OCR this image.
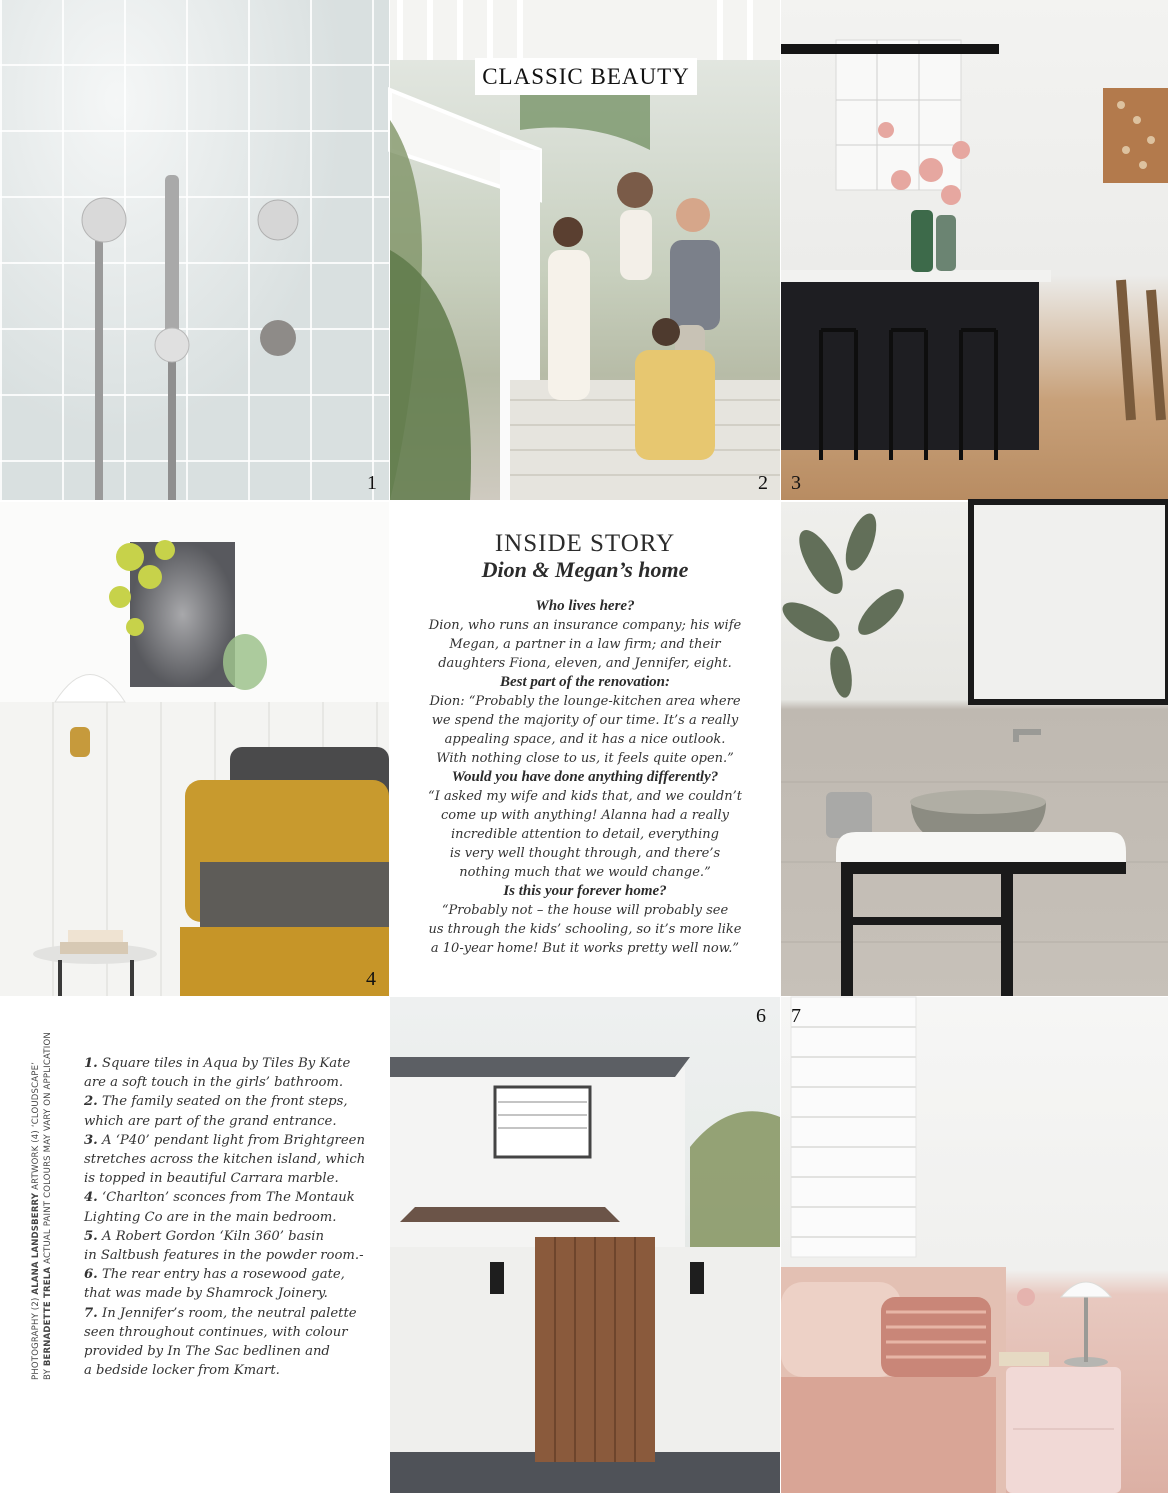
1	2 3
4
6 7
CLASSIC BEAUTY

INSIDE STORY

Dion & Megan’s home

Who lives here?

Dion, who runs an insurance company; his wife
Megan, a partner in a law firm; and their
daughters Fiona, eleven, and Jennifer, eight.

Best part of the renovation:

Dion: “Probably the lounge-kitchen area where
we spend the majority of our time. It’s a really
appealing space, and it has a nice outlook.
With nothing close to us, it feels quite open.”

Would you have done anything differently?

“I asked my wife and kids that, and we couldn’t
come up with anything! Alanna had a really
incredible attention to detail, everything
is very well thought through, and there’s
nothing much that we would change.”

Is this your forever home?

“Probably not – the house will probably see
us through the kids’ schooling, so it’s more like
a 10-year home! But it works pretty well now.”

1. Square tiles in Aqua by Tiles By Kate
are a soft touch in the girls’ bathroom.

2. The family seated on the front steps,
which are part of the grand entrance.

3. A ‘P40’ pendant light from Brightgreen
stretches across the kitchen island, which
is topped in beautiful Carrara marble.

4. ‘Charlton’ sconces from The Montauk
Lighting Co are in the main bedroom.

5. A Robert Gordon ‘Kiln 360’ basin
in Saltbush features in the powder room.-

6. The rear entry has a rosewood gate,
that was made by Shamrock Joinery.

7. In Jennifer’s room, the neutral palette
seen throughout continues, with colour
provided by In The Sac bedlinen and
a bedside locker from Kmart.

PHOTOGRAPHY (2) ALANA LANDSBERRY ARTWORK (4) ‘CLOUDSCAPE’
BY BERNADETTE TRELA ACTUAL PAINT COLOURS MAY VARY ON APPLICATION
